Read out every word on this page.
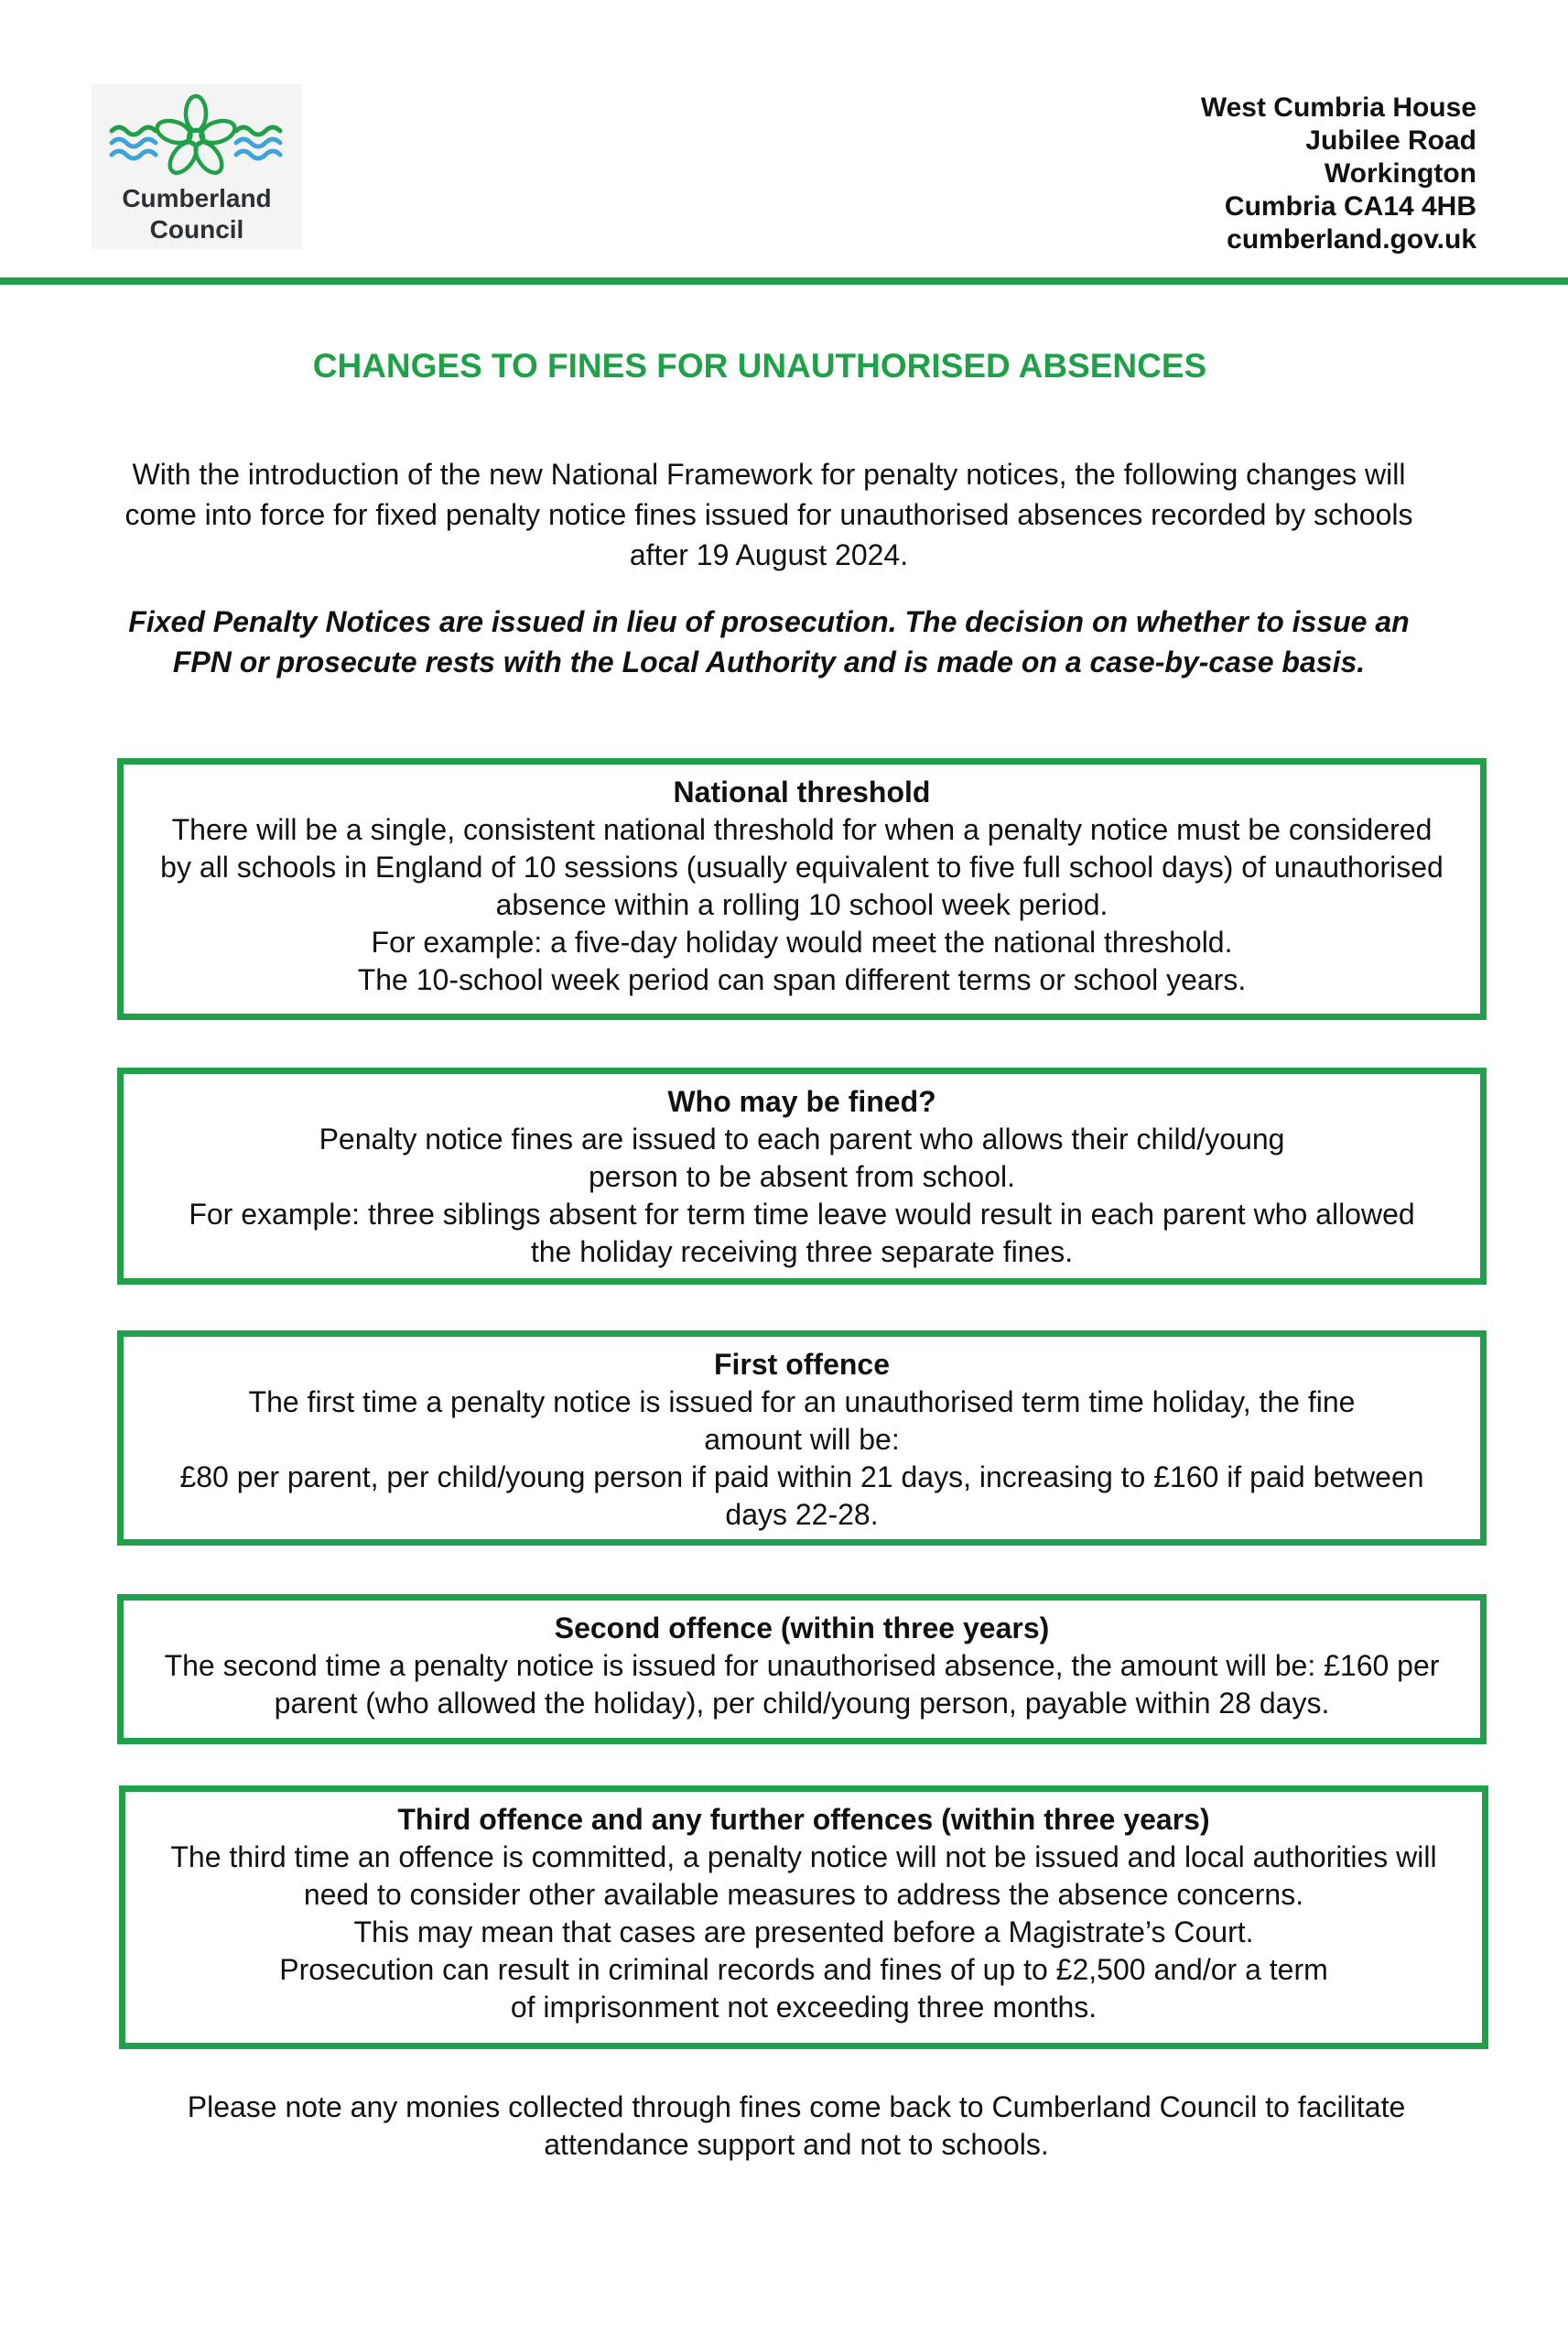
Cumberland
Council
West Cumbria House
Jubilee Road
Workington
Cumbria CA14 4HB
cumberland.gov.uk
CHANGES TO FINES FOR UNAUTHORISED ABSENCES
With the introduction of the new National Framework for penalty notices, the following changes will come into force for fixed penalty notice fines issued for unauthorised absences recorded by schools after 19 August 2024.
Fixed Penalty Notices are issued in lieu of prosecution. The decision on whether to issue an FPN or prosecute rests with the Local Authority and is made on a case-by-case basis.
National threshold
There will be a single, consistent national threshold for when a penalty notice must be considered by all schools in England of 10 sessions (usually equivalent to five full school days) of unauthorised absence within a rolling 10 school week period.
For example: a five-day holiday would meet the national threshold.
The 10-school week period can span different terms or school years.
Who may be fined?
Penalty notice fines are issued to each parent who allows their child/young person to be absent from school.
For example: three siblings absent for term time leave would result in each parent who allowed the holiday receiving three separate fines.
First offence
The first time a penalty notice is issued for an unauthorised term time holiday, the fine amount will be:
£80 per parent, per child/young person if paid within 21 days, increasing to £160 if paid between days 22-28.
Second offence (within three years)
The second time a penalty notice is issued for unauthorised absence, the amount will be: £160 per parent (who allowed the holiday), per child/young person, payable within 28 days.
Third offence and any further offences (within three years)
The third time an offence is committed, a penalty notice will not be issued and local authorities will need to consider other available measures to address the absence concerns.
This may mean that cases are presented before a Magistrate’s Court.
Prosecution can result in criminal records and fines of up to £2,500 and/or a term of imprisonment not exceeding three months.
Please note any monies collected through fines come back to Cumberland Council to facilitate attendance support and not to schools.
